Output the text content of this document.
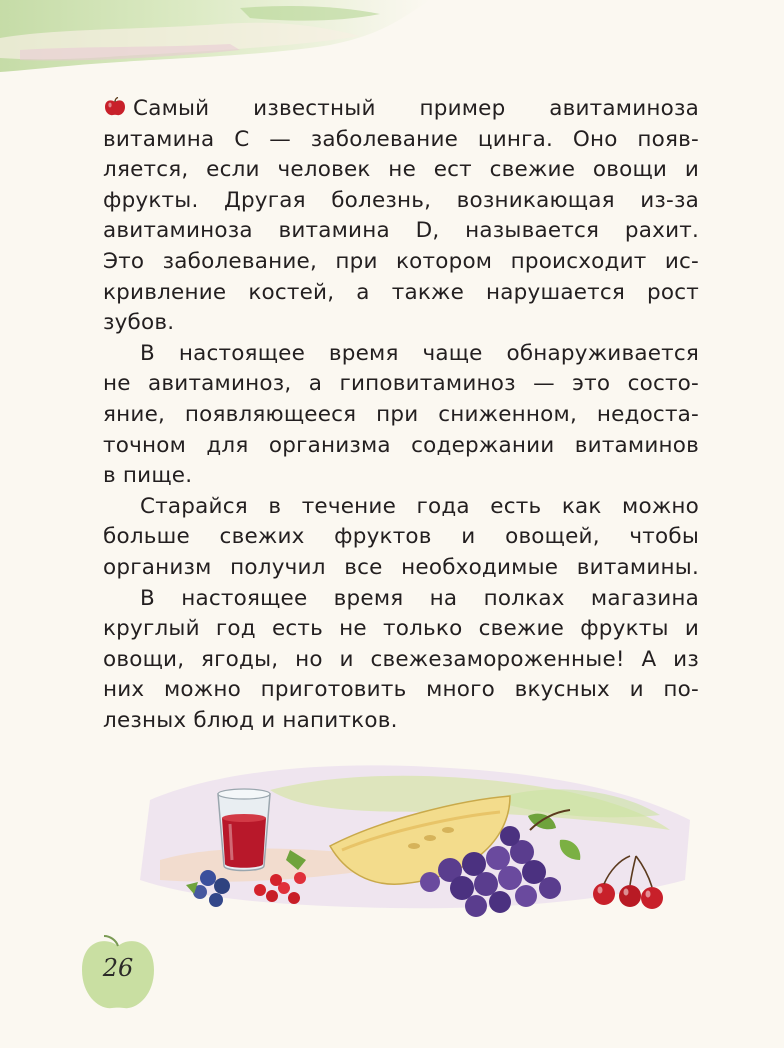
Самый известный пример авитаминоза
витамина С — заболевание цинга. Оно появ-
ляется, если человек не ест свежие овощи и
фрукты. Другая болезнь, возникающая из-за
авитаминоза витамина D, называется рахит.
Это заболевание, при котором происходит ис-
кривление костей, а также нарушается рост

зубов.

В настоящее время чаще обнаруживается
не авитаминоз, а гиповитаминоз — это состо-
яние, появляющееся при сниженном, недоста-
точном для организма содержании витаминов

в пище.

Старайся в течение года есть как можно
больше свежих фруктов и овощей, чтобы
организм получил все необходимые витамины.

В настоящее время на полках магазина
круглый год есть не только свежие фрукты и
овощи, ягоды, но и свежезамороженные! А из
них можно приготовить много вкусных и по-

лезных блюд и напитков.

26
